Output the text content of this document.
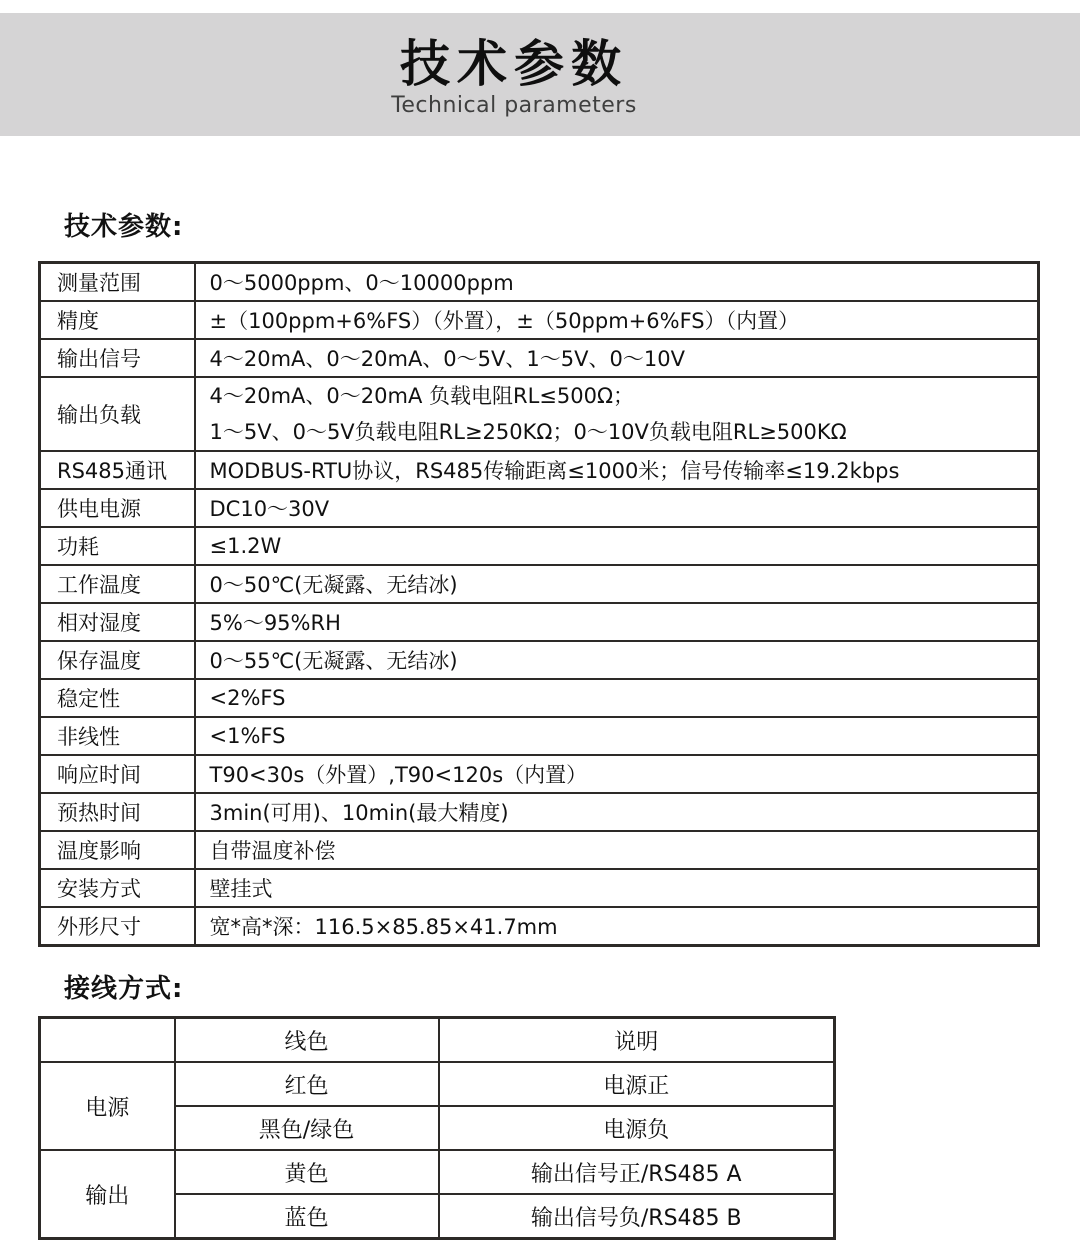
技术参数
Technical parameters
技术参数:
测量范围	0～5000ppm、0～10000ppm
精度	±（100ppm+6%FS）（外置），±（50ppm+6%FS）（内置）
输出信号	4～20mA、0～20mA、0～5V、1～5V、0～10V
输出负载	4～20mA、0～20mA 负载电阻RL≤500Ω；
1～5V、0～5V负载电阻RL≥250KΩ；0～10V负载电阻RL≥500KΩ

RS485通讯	MODBUS-RTU协议，RS485传输距离≤1000米；信号传输率≤19.2kbps
供电电源	DC10～30V
功耗	≤1.2W
工作温度	0～50℃(无凝露、无结冰)
相对湿度	5%～95%RH
保存温度	0～55℃(无凝露、无结冰)
稳定性	<2%FS
非线性	<1%FS
响应时间	T90<30s（外置）,T90<120s（内置）
预热时间	3min(可用)、10min(最大精度)
温度影响	自带温度补偿
安装方式	壁挂式
外形尺寸	宽*高*深：116.5×85.85×41.7mm
接线方式:
	线色	说明
电源	红色	电源正
	黑色/绿色	电源负
输出	黄色	输出信号正/RS485 A
	蓝色	输出信号负/RS485 B
